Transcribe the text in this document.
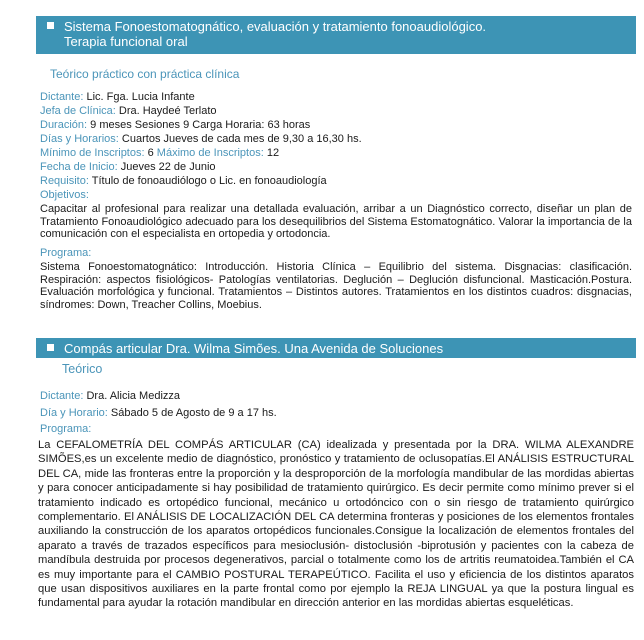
Sistema Fonoestomatognático, evaluación y tratamiento fonoaudiológico.
Terapia funcional oral
Teórico práctico con práctica clínica
Dictante: Lic. Fga. Lucia Infante
Jefa de Clínica: Dra. Haydeé Terlato
Duración: 9 meses Sesiones 9 Carga Horaria: 63 horas
Días y Horarios: Cuartos Jueves de cada mes de 9,30 a 16,30 hs.
Mínimo de Inscriptos: 6 Máximo de Inscriptos: 12
Fecha de Inicio: Jueves 22 de Junio
Requisito: Título de fonoaudiólogo o Lic. en fonoaudiología
Objetivos:
Capacitar al profesional para realizar una detallada evaluación, arribar a un Diagnóstico correcto, diseñar un plan de Tratamiento Fonoaudiológico adecuado para los desequilibrios del Sistema Estomatognático. Valorar la importancia de la comunicación con el especialista en ortopedia y ortodoncia.
Programa:
Sistema Fonoestomatognático: Introducción. Historia Clínica – Equilibrio del sistema. Disgnacias: clasificación. Respiración: aspectos fisiológicos- Patologías ventilatorias. Deglución – Deglución disfuncional. Masticación.Postura. Evaluación morfológica y funcional. Tratamientos – Distintos autores. Tratamientos en los distintos cuadros: disgnacias, síndromes: Down, Treacher Collins, Moebius.
Compás articular Dra. Wilma Simões. Una Avenida de Soluciones
Teórico
Dictante: Dra. Alicia Medizza
Día y Horario: Sábado 5 de Agosto de 9 a 17 hs.
Programa:
La CEFALOMETRÍA DEL COMPÁS ARTICULAR (CA) idealizada y presentada por la DRA. WILMA ALEXANDRE SIMÕES,es un excelente medio de diagnóstico, pronóstico y tratamiento de oclusopatías.El ANÁLISIS ESTRUCTURAL DEL CA, mide las fronteras entre la proporción y la desproporción de la morfología mandibular de las mordidas abiertas y para conocer anticipadamente si hay posibilidad de tratamiento quirúrgico. Es decir permite como mínimo prever si el tratamiento indicado es ortopédico funcional, mecánico u ortodóncico con o sin riesgo de tratamiento quirúrgico complementario. El ANÁLISIS DE LOCALIZACIÓN DEL CA determina fronteras y posiciones de los elementos frontales auxiliando la construcción de los aparatos ortopédicos funcionales.Consigue la localización de elementos frontales del aparato a través de trazados específicos para mesioclusión- distoclusión -biprotusión y pacientes con la cabeza de mandíbula destruida por procesos degenerativos, parcial o totalmente como los de artritis reumatoidea.También el CA es muy importante para el CAMBIO POSTURAL TERAPEÚTICO. Facilita el uso y eficiencia de los distintos aparatos que usan dispositivos auxiliares en la parte frontal como por ejemplo la REJA LINGUAL ya que la postura lingual es fundamental para ayudar la rotación mandibular en dirección anterior en las mordidas abiertas esqueléticas.
